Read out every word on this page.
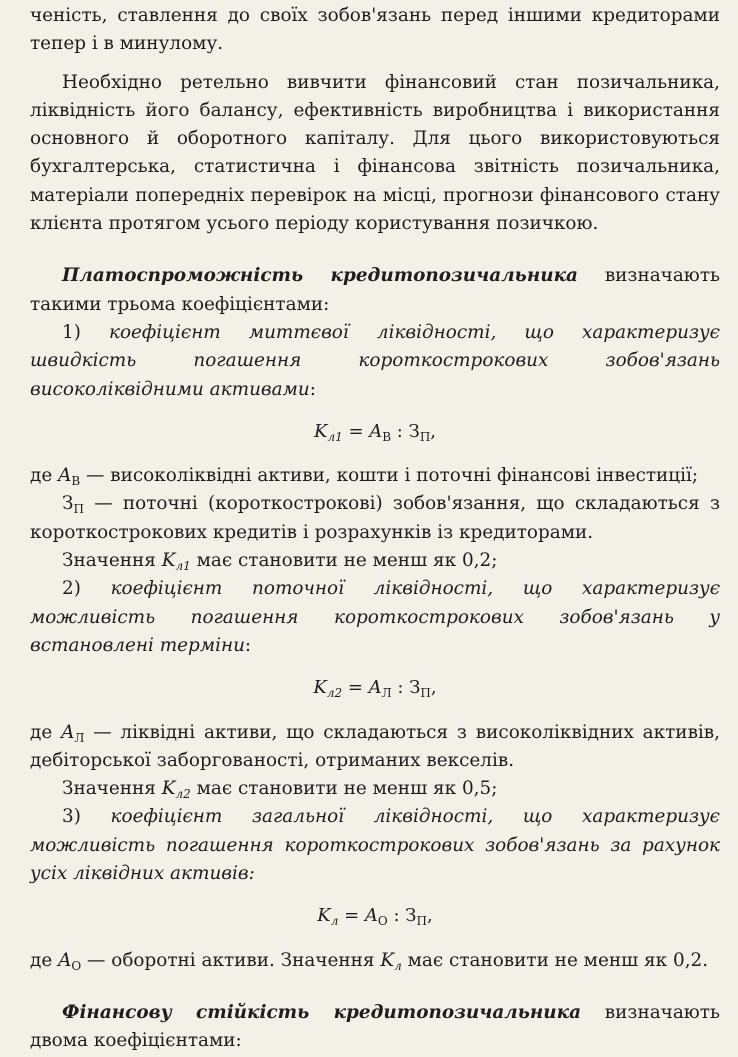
ченість, ставлення до своїх зобов'язань перед іншими кредиторами тепер і в минулому.

Необхідно ретельно вивчити фінансовий стан позичальника, ліквідність його балансу, ефективність виробництва і використання основного й оборотного капіталу. Для цього використовуються бухгалтерська, статистична і фінансова звітність позичальника, матеріали попередніх перевірок на місці, прогнози фінансового стану клієнта протягом усього періоду користування позичкою.

Платоспроможність кредитопозичальника визначають такими трьома коефіцієнтами:

1) коефіцієнт миттєвої ліквідності, що характеризує швидкість погашення короткострокових зобов'язань високоліквідними активами:

$K_{л1} = A_В$ : $З_П$,

де $A_В$ — високоліквідні активи, кошти і поточні фінансові інвестиції;

$З_П$ — поточні (короткострокові) зобов'язання, що складаються з короткострокових кредитів і розрахунків із кредиторами.

Значення $K_{л1}$ має становити не менш як 0,2;

2) коефіцієнт поточної ліквідності, що характеризує можливість погашення короткострокових зобов'язань у встановлені терміни:

$K_{л2} = A_Л$ : $З_П$,

де $A_Л$ — ліквідні активи, що складаються з високоліквідних активів, дебіторської заборгованості, отриманих векселів.

Значення $K_{л2}$ має становити не менш як 0,5;

3) коефіцієнт загальної ліквідності, що характеризує можливість погашення короткострокових зобов'язань за рахунок усіх ліквідних активів:

$K_л = A_О$ : $З_П$,

де $A_О$ — оборотні активи. Значення $K_л$ має становити не менш як 0,2.

Фінансову стійкість кредитопозичальника визначають двома коефіцієнтами:
